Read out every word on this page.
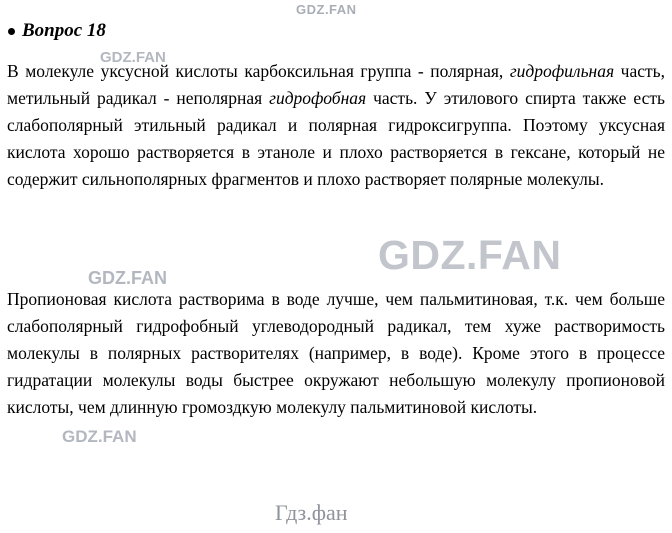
GDZ.FAN
Вопрос 18
GDZ.FAN
В молекуле уксусной кислоты карбоксильная группа - полярная, гидрофильная часть, метильный радикал - неполярная гидрофобная часть. У этилового спирта также есть слабополярный этильный радикал и полярная гидроксигруппа. Поэтому уксусная кислота хорошо растворяется в этаноле и плохо растворяется в гексане, который не содержит сильнополярных фрагментов и плохо растворяет полярные молекулы.
GDZ.FAN
GDZ.FAN
Пропионовая кислота растворима в воде лучше, чем пальмитиновая, т.к. чем больше слабополярный гидрофобный углеводородный радикал, тем хуже растворимость молекулы в полярных растворителях (например, в воде). Кроме этого в процессе гидратации молекулы воды быстрее окружают небольшую молекулу пропионовой кислоты, чем длинную громоздкую молекулу пальмитиновой кислоты.
GDZ.FAN
Гдз.фан
